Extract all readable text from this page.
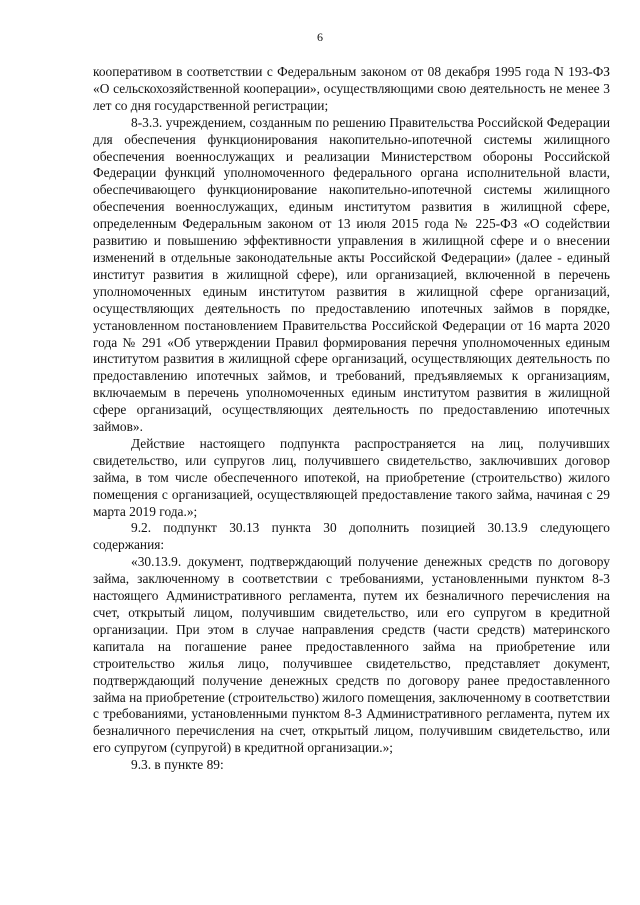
6

кооперативом в соответствии с Федеральным законом от 08 декабря 1995 года N 193-ФЗ «О сельскохозяйственной кооперации», осуществляющими свою деятельность не менее 3 лет со дня государственной регистрации;

8-3.3. учреждением, созданным по решению Правительства Российской Федерации для обеспечения функционирования накопительно-ипотечной системы жилищного обеспечения военнослужащих и реализации Министерством обороны Российской Федерации функций уполномоченного федерального органа исполнительной власти, обеспечивающего функционирование накопительно-ипотечной системы жилищного обеспечения военнослужащих, единым институтом развития в жилищной сфере, определенным Федеральным законом от 13 июля 2015 года № 225-ФЗ «О содействии развитию и повышению эффективности управления в жилищной сфере и о внесении изменений в отдельные законодательные акты Российской Федерации» (далее - единый институт развития в жилищной сфере), или организацией, включенной в перечень уполномоченных единым институтом развития в жилищной сфере организаций, осуществляющих деятельность по предоставлению ипотечных займов в порядке, установленном постановлением Правительства Российской Федерации от 16 марта 2020 года № 291 «Об утверждении Правил формирования перечня уполномоченных единым институтом развития в жилищной сфере организаций, осуществляющих деятельность по предоставлению ипотечных займов, и требований, предъявляемых к организациям, включаемым в перечень уполномоченных единым институтом развития в жилищной сфере организаций, осуществляющих деятельность по предоставлению ипотечных займов».

Действие настоящего подпункта распространяется на лиц, получивших свидетельство, или супругов лиц, получившего свидетельство, заключивших договор займа, в том числе обеспеченного ипотекой, на приобретение (строительство) жилого помещения с организацией, осуществляющей предоставление такого займа, начиная с 29 марта 2019 года.»;

9.2. подпункт 30.13 пункта 30 дополнить позицией 30.13.9 следующего содержания:

«30.13.9. документ, подтверждающий получение денежных средств по договору займа, заключенному в соответствии с требованиями, установленными пунктом 8-3 настоящего Административного регламента, путем их безналичного перечисления на счет, открытый лицом, получившим свидетельство, или его супругом в кредитной организации. При этом в случае направления средств (части средств) материнского капитала на погашение ранее предоставленного займа на приобретение или строительство жилья лицо, получившее свидетельство, представляет документ, подтверждающий получение денежных средств по договору ранее предоставленного займа на приобретение (строительство) жилого помещения, заключенному в соответствии с требованиями, установленными пунктом 8-3 Административного регламента, путем их безналичного перечисления на счет, открытый лицом, получившим свидетельство, или его супругом (супругой) в кредитной организации.»;

9.3. в пункте 89:
